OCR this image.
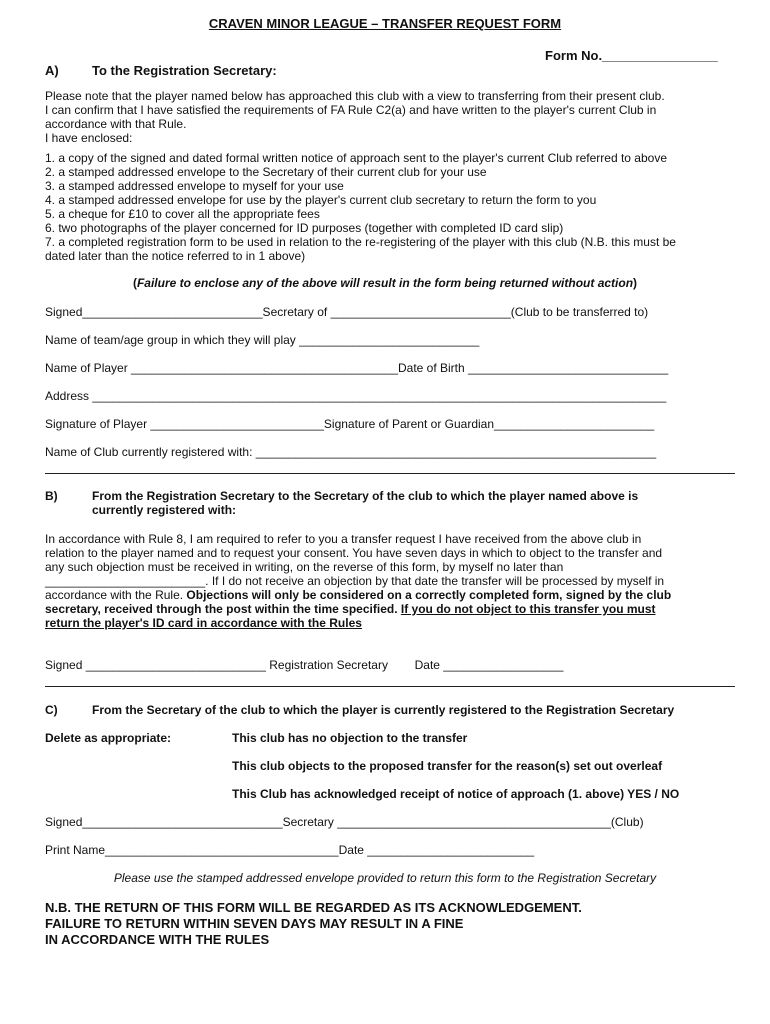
CRAVEN MINOR LEAGUE – TRANSFER REQUEST FORM
Form No.________________
A)	To the Registration Secretary:
Please note that the player named below has approached this club with a view to transferring from their present club.
I can confirm that I have satisfied the requirements of FA Rule C2(a) and have written to the player's current Club in
accordance with that Rule.
I have enclosed:
1. a copy of the signed and dated formal written notice of approach sent to the player's current Club referred to above
2. a stamped addressed envelope to the Secretary of their current club for your use
3. a stamped addressed envelope to myself for your use
4. a stamped addressed envelope for use by the player's current club secretary to return the form to you
5. a cheque for £10 to cover all the appropriate fees
6. two photographs of the player concerned for ID purposes (together with completed ID card slip)
7. a completed registration form to be used in relation to the re-registering of the player with this club (N.B. this must be
dated later than the notice referred to in 1 above)
(Failure to enclose any of the above will result in the form being returned without action)
Signed___________________________Secretary of ___________________________(Club to be transferred to)
Name of team/age group in which they will play ___________________________
Name of Player ________________________________________Date of Birth ______________________________
Address ______________________________________________________________________________________
Signature of Player __________________________Signature of Parent or Guardian________________________
Name of Club currently registered with: ____________________________________________________________
B)	From the Registration Secretary to the Secretary of the club to which the player named above is
currently registered with:
In accordance with Rule 8, I am required to refer to you a transfer request I have received from the above club in
relation to the player named and to request your consent. You have seven days in which to object to the transfer and
any such objection must be received in writing, on the reverse of this form, by myself no later than
________________________. If I do not receive an objection by that date the transfer will be processed by myself in
accordance with the Rule. Objections will only be considered on a correctly completed form, signed by the club
secretary, received through the post within the time specified. If you do not object to this transfer you must
return the player's ID card in accordance with the Rules
Signed ___________________________ Registration Secretary        Date __________________
C)	From the Secretary of the club to which the player is currently registered to the Registration Secretary
Delete as appropriate:	This club has no objection to the transfer
This club objects to the proposed transfer for the reason(s) set out overleaf
This Club has acknowledged receipt of notice of approach (1. above) YES / NO
Signed______________________________Secretary _________________________________________(Club)
Print Name___________________________________Date _________________________
Please use the stamped addressed envelope provided to return this form to the Registration Secretary
N.B. THE RETURN OF THIS FORM WILL BE REGARDED AS ITS ACKNOWLEDGEMENT.
FAILURE TO RETURN WITHIN SEVEN DAYS MAY RESULT IN A FINE
IN ACCORDANCE WITH THE RULES
